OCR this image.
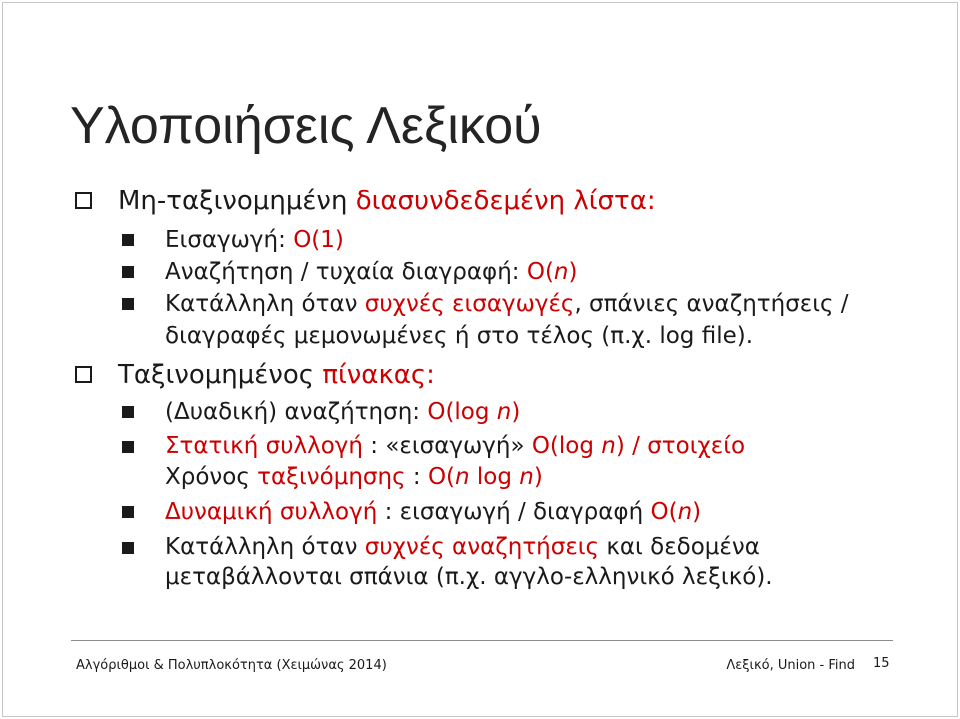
Υλοποιήσεις Λεξικού
Μη-ταξινομημένη διασυνδεδεμένη λίστα:
Εισαγωγή: O(1)
Αναζήτηση / τυχαία διαγραφή: O(n)
Κατάλληλη όταν συχνές εισαγωγές, σπάνιες αναζητήσεις /
διαγραφές μεμονωμένες ή στο τέλος (π.χ. log file).
Ταξινομημένος πίνακας:
(Δυαδική) αναζήτηση: O(log n)
Στατική συλλογή : «εισαγωγή» O(log n) / στοιχείο
Χρόνος ταξινόμησης : O(n log n)
Δυναμική συλλογή : εισαγωγή / διαγραφή O(n)
Κατάλληλη όταν συχνές αναζητήσεις και δεδομένα
μεταβάλλονται σπάνια (π.χ. αγγλο-ελληνικό λεξικό).
Αλγόριθμοι & Πολυπλοκότητα (Χειμώνας 2014)	Λεξικό, Union - Find 15
